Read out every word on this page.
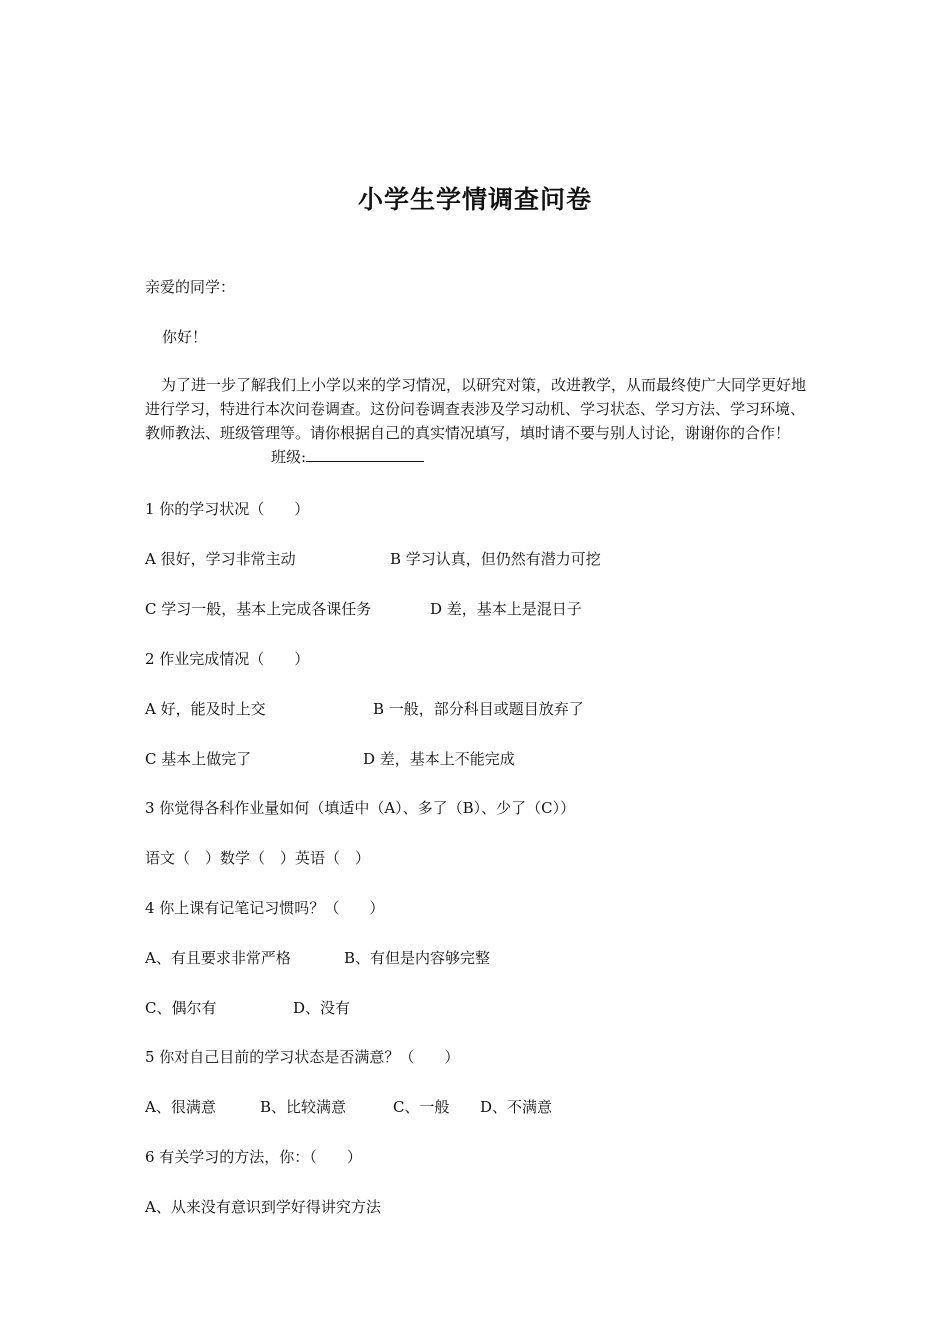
小学生学情调查问卷
亲爱的同学：
你好！
为了进一步了解我们上小学以来的学习情况，以研究对策，改进教学，从而最终使广大同学更好地进行学习，特进行本次问卷调查。这份问卷调查表涉及学习动机、学习状态、学习方法、学习环境、教师教法、班级管理等。请你根据自己的真实情况填写，填时请不要与别人讨论，谢谢你的合作！班级:
1 你的学习状况（　　）
A 很好，学习非常主动	B 学习认真，但仍然有潜力可挖
C 学习一般，基本上完成各课任务	D 差，基本上是混日子
2 作业完成情况（　　）
A 好，能及时上交	B 一般，部分科目或题目放弃了
C 基本上做完了	D 差，基本上不能完成
3 你觉得各科作业量如何（填适中（A）、多了（B）、少了（C））
语文（　）数学（　）英语（　）
4 你上课有记笔记习惯吗？（　　）
A、有且要求非常严格	B、有但是内容够完整
C、偶尔有	D、没有
5 你对自己目前的学习状态是否满意？（　　）
A、很满意	B、比较满意	C、一般 D、不满意
6 有关学习的方法，你：（　　）
A、从来没有意识到学好得讲究方法
